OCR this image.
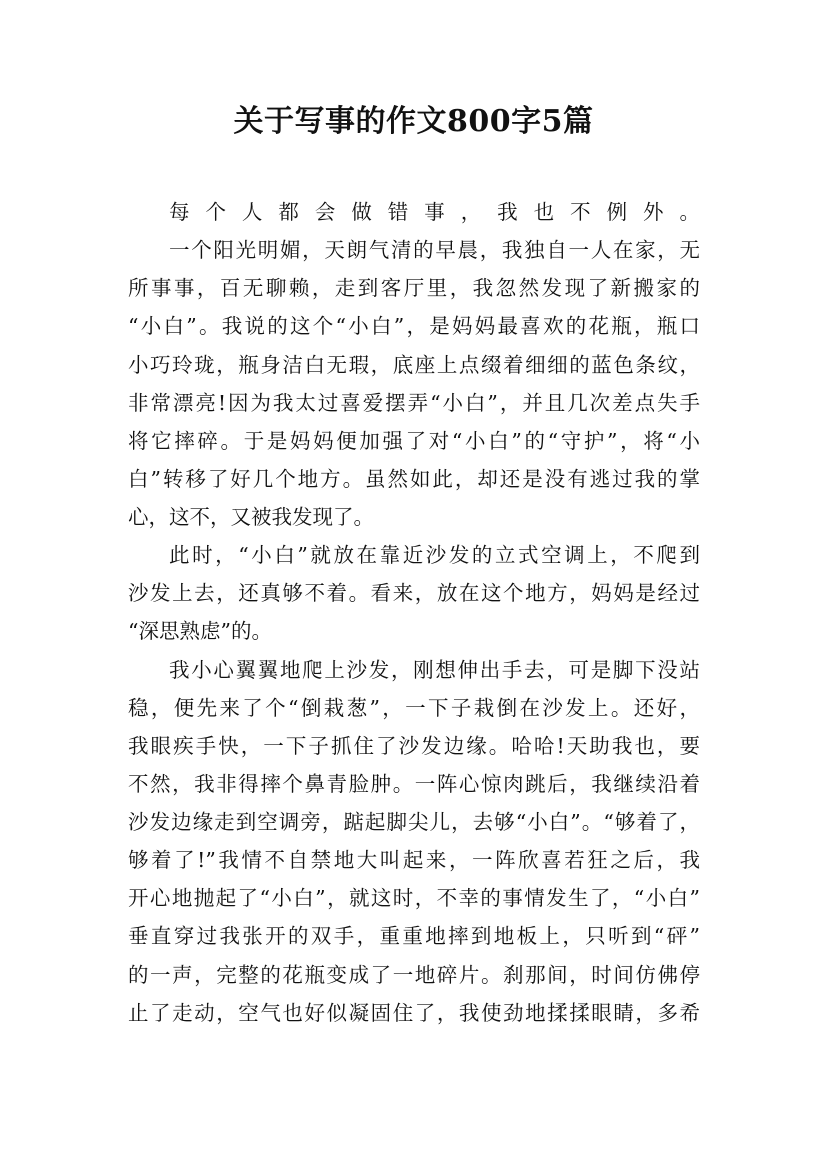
关于写事的作文800字5篇
每个人都会做错事，我也不例外。
一个阳光明媚，天朗气清的早晨，我独自一人在家，无
所事事，百无聊赖，走到客厅里，我忽然发现了新搬家的
“小白”。我说的这个“小白”，是妈妈最喜欢的花瓶，瓶口
小巧玲珑，瓶身洁白无瑕，底座上点缀着细细的蓝色条纹，
非常漂亮!因为我太过喜爱摆弄“小白”，并且几次差点失手
将它摔碎。于是妈妈便加强了对“小白”的“守护”，将“小
白”转移了好几个地方。虽然如此，却还是没有逃过我的掌
心，这不，又被我发现了。
此时，“小白”就放在靠近沙发的立式空调上，不爬到
沙发上去，还真够不着。看来，放在这个地方，妈妈是经过
“深思熟虑”的。
我小心翼翼地爬上沙发，刚想伸出手去，可是脚下没站
稳，便先来了个“倒栽葱”，一下子栽倒在沙发上。还好，
我眼疾手快，一下子抓住了沙发边缘。哈哈!天助我也，要
不然，我非得摔个鼻青脸肿。一阵心惊肉跳后，我继续沿着
沙发边缘走到空调旁，踮起脚尖儿，去够“小白”。“够着了，
够着了!”我情不自禁地大叫起来，一阵欣喜若狂之后，我
开心地抛起了“小白”，就这时，不幸的事情发生了，“小白”
垂直穿过我张开的双手，重重地摔到地板上，只听到“砰”
的一声，完整的花瓶变成了一地碎片。刹那间，时间仿佛停
止了走动，空气也好似凝固住了，我使劲地揉揉眼睛，多希
